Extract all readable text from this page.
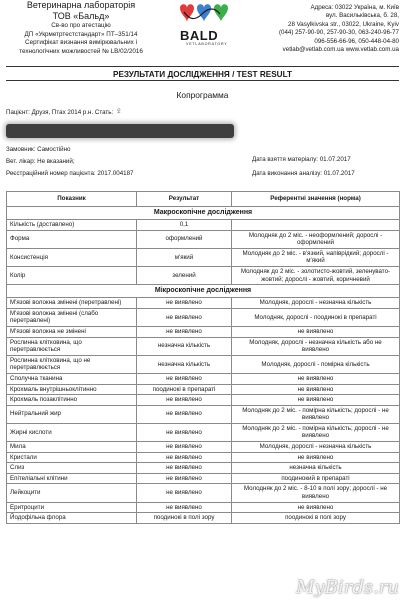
Ветеринарна лабораторія
ТОВ «Бальд»
Св-во про атестацію
ДП «Укрметртестстандарт» ПТ–351/14
Сертифікат визнання вимірювальних і
технологічних можливостей № LB/02/2016
BALD
VETLABORATORY
Адреса: 03022 Україна, м. Київ
вул. Васильківська, б. 28,
28 Vasylkivska str., 03022, Ukraine, Kyiv
(044) 257-90-90, 257-90-30, 063-240-96-77
096-556-66-96, 050-448-04-80
vetlab@vetlab.com.ua www.vetlab.com.ua
РЕЗУЛЬТАТИ ДОСЛІДЖЕННЯ / TEST RESULT
Копрограмма
Пацієнт: Друзя, Птах 2014 р.н. Стать: ♀
Замовник: Самостійно
Вет. лікар: Не вказаний;
Реєстраційний номер пацієнта: 2017.004187
Дата взяття матеріалу: 01.07.2017
Дата виконання аналізу: 01.07.2017
Показник	Результат	Референтні значення (норма)
Макроскопічне дослідження		
Кількість (доставлено)	0,1	
Форма	оформлений	Молодняк до 2 міс. - неоформлений; дорослі - оформлений
Консистенція	м'який	Молодняк до 2 міс. - в'язкий, напіврідкий; дорослі - м'який
Колір	зелений	Молодняк до 2 міс. - золотисто-жовтий, зеленувато-жовтий; дорослі - жовтий, коричневий
Мікроскопічне дослідження		
М'язові волокна змінені (перетравлені)	не виявлено	Молодняк, дорослі - незначна кількість
М'язові волокна змінені (слабо перетравлені)	не виявлено	Молодняк, дорослі - поодинокі в препараті
М'язові волокна не змінені	не виявлено	не виявлено
Рослинна клітковина, що перетравлюється	незначна кількість	Молодняк, дорослі - незначна кількість або не виявлено
Рослинна клітковина, що не перетравлюється	незначна кількість	Молодняк, дорослі - помірна кількість
Сполучна тканина	не виявлено	не виявлено
Крохмаль внутрішньоклітинно	поодинокі в препараті	не виявлено
Крохмаль позаклітинно	не виявлено	не виявлено
Нейтральний жир	не виявлено	Молодняк до 2 міс. - помірна кількість; дорослі - не виявлено
Жирні кислоти	не виявлено	Молодняк до 2 міс. - помірна кількість; дорослі - не виявлено
Мила	не виявлено	Молодняк, дорослі - незначна кількість
Кристали	не виявлено	не виявлено
Слиз	не виявлено	незначна кількість
Епітеліальні клітини	не виявлено	поодинокий в препараті
Лейкоцити	не виявлено	Молодняк до 2 міс. - 8-10 в полі зору; дорослі - не виявлено
Еритроцити	не виявлено	не виявлено
Йодофільна флора	поодинокі в полі зору	поодинокі в полі зору
MyBirds.ru
